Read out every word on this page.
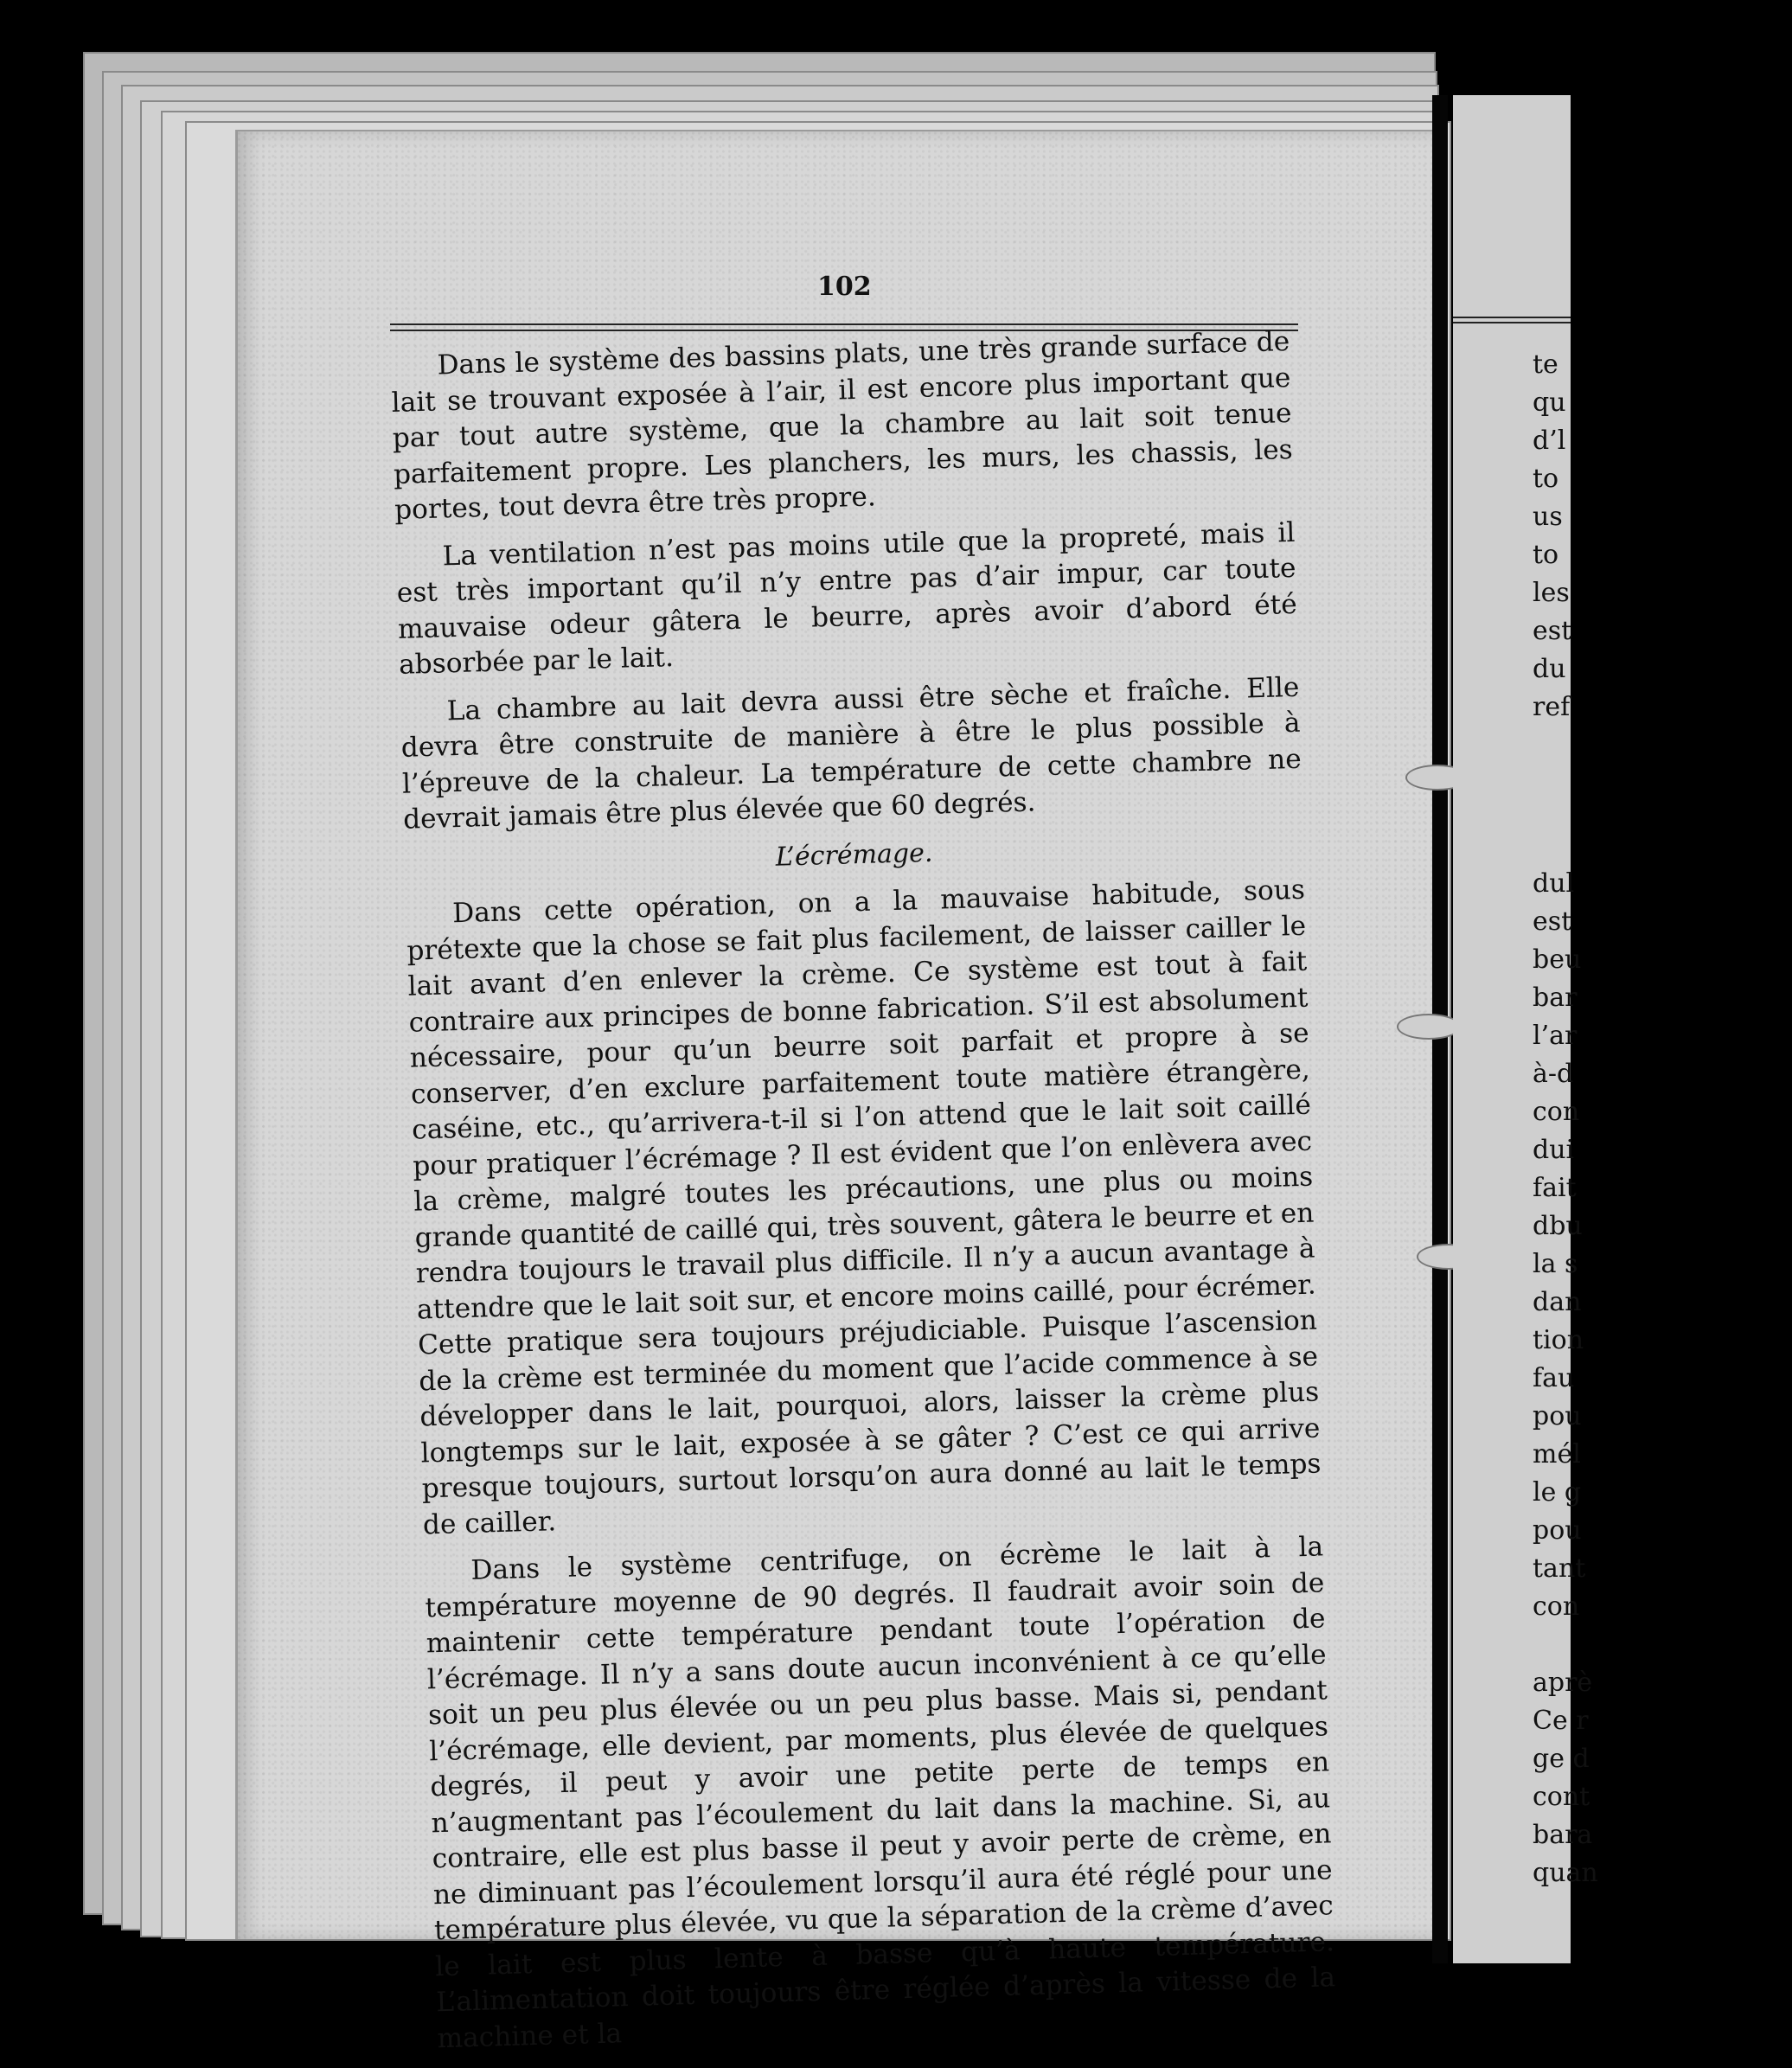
102

Dans le système des bassins plats, une très grande surface de lait se trouvant exposée à l’air, il est encore plus important que par tout autre système, que la chambre au lait soit tenue parfaitement propre. Les planchers, les murs, les chassis, les portes, tout devra être très propre.

La ventilation n’est pas moins utile que la propreté, mais il est très important qu’il n’y entre pas d’air impur, car toute mauvaise odeur gâtera le beurre, après avoir d’abord été absorbée par le lait.

La chambre au lait devra aussi être sèche et fraîche. Elle devra être construite de manière à être le plus possible à l’épreuve de la chaleur. La température de cette chambre ne devrait jamais être plus élevée que 60 degrés.

L’écrémage.

Dans cette opération, on a la mauvaise habitude, sous prétexte que la chose se fait plus facilement, de laisser cailler le lait avant d’en enlever la crème. Ce système est tout à fait contraire aux principes de bonne fabrication. S’il est absolument nécessaire, pour qu’un beurre soit parfait et propre à se conserver, d’en exclure parfaitement toute matière étrangère, caséine, etc., qu’arrivera-t-il si l’on attend que le lait soit caillé pour pratiquer l’écrémage ? Il est évident que l’on enlèvera avec la crème, malgré toutes les précautions, une plus ou moins grande quantité de caillé qui, très souvent, gâtera le beurre et en rendra toujours le travail plus difficile. Il n’y a aucun avantage à attendre que le lait soit sur, et encore moins caillé, pour écrémer. Cette pratique sera toujours préjudiciable. Puisque l’ascension de la crème est terminée du moment que l’acide commence à se développer dans le lait, pourquoi, alors, laisser la crème plus longtemps sur le lait, exposée à se gâter ? C’est ce qui arrive presque toujours, surtout lorsqu’on aura donné au lait le temps de cailler.

Dans le système centrifuge, on écrème le lait à la température moyenne de 90 degrés. Il faudrait avoir soin de maintenir cette température pendant toute l’opération de l’écrémage. Il n’y a sans doute aucun inconvénient à ce qu’elle soit un peu plus élevée ou un peu plus basse. Mais si, pendant l’écrémage, elle devient, par moments, plus élevée de quelques degrés, il peut y avoir une petite perte de temps en n’augmentant pas l’écoulement du lait dans la machine. Si, au contraire, elle est plus basse il peut y avoir perte de crème, en ne diminuant pas l’écoulement lorsqu’il aura été réglé pour une température plus élevée, vu que la séparation de la crème d’avec le lait est plus lente à basse qu’à haute température. L’alimentation doit toujours être réglée d’après la vitesse de la machine et la

te
qu
d’l
to
us
to
les
est
du
ref
dul
est
beu
bar
l’ar
à-d
con
dui
fait
dbu
la s
dan
tion
fau
pou
mél
le g
pou
tant
con
aprè
Ce r
ge d
cont
bara
quan
